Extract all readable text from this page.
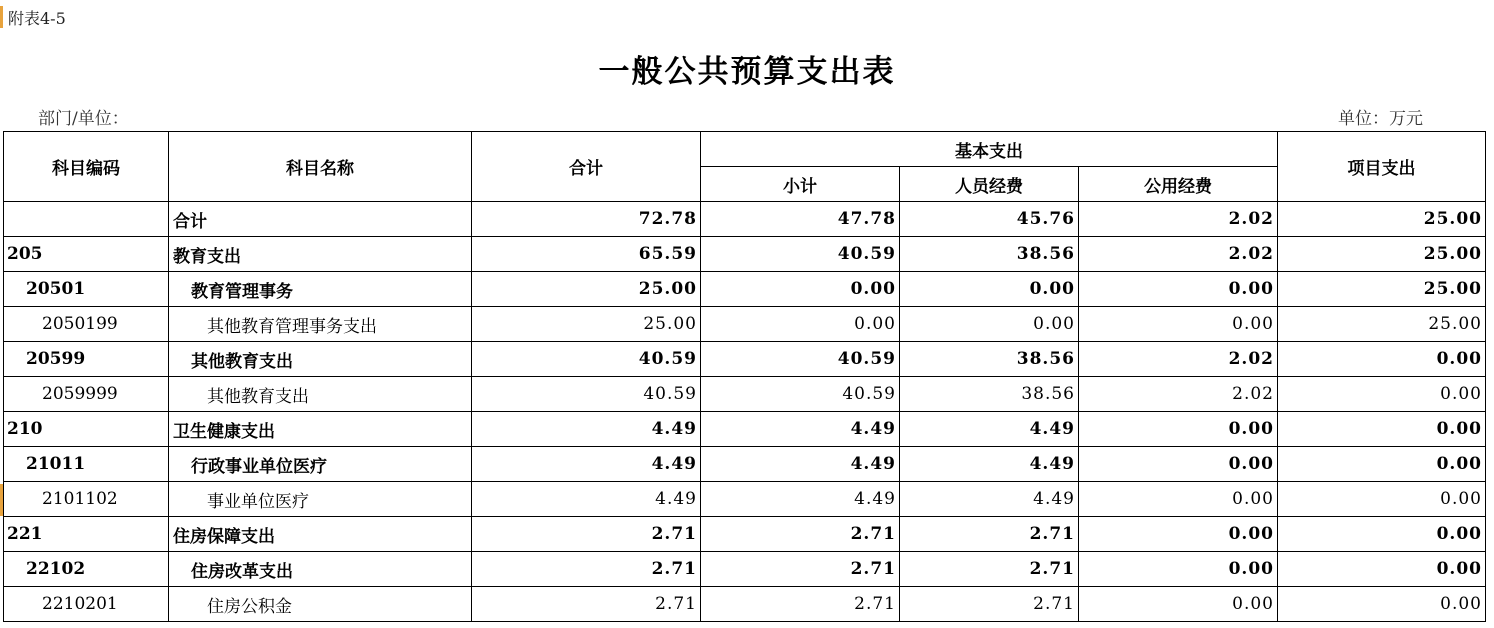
附表4-5
一般公共预算支出表
部门/单位：	单位：万元
科目编码	科目名称	合计	基本支出			项目支出
			小计	人员经费	公用经费	
	合计	72.78	47.78	45.76	2.02	25.00
205	教育支出	65.59	40.59	38.56	2.02	25.00
20501	教育管理事务	25.00	0.00	0.00	0.00	25.00
2050199	其他教育管理事务支出	25.00	0.00	0.00	0.00	25.00
20599	其他教育支出	40.59	40.59	38.56	2.02	0.00
2059999	其他教育支出	40.59	40.59	38.56	2.02	0.00
210	卫生健康支出	4.49	4.49	4.49	0.00	0.00
21011	行政事业单位医疗	4.49	4.49	4.49	0.00	0.00
2101102	事业单位医疗	4.49	4.49	4.49	0.00	0.00
221	住房保障支出	2.71	2.71	2.71	0.00	0.00
22102	住房改革支出	2.71	2.71	2.71	0.00	0.00
2210201	住房公积金	2.71	2.71	2.71	0.00	0.00
